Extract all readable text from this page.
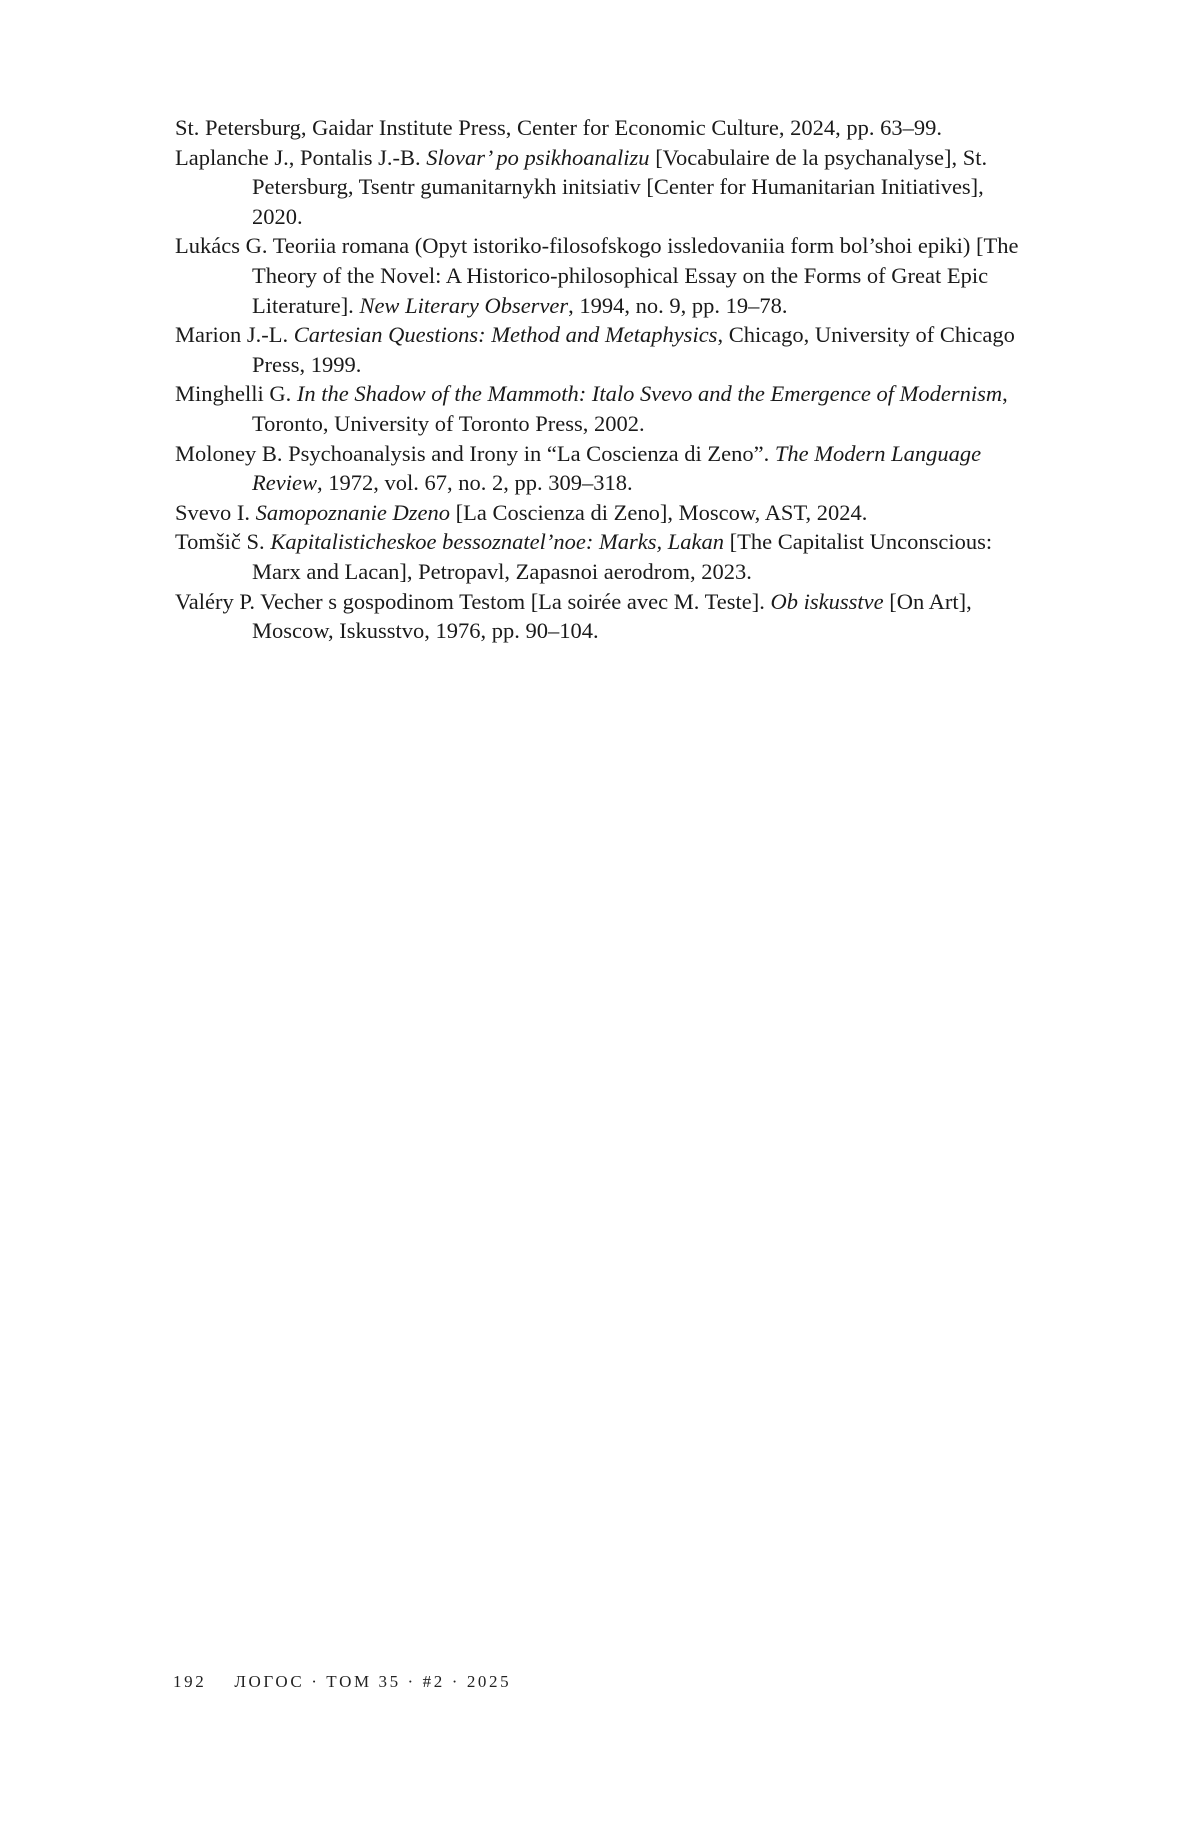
St. Petersburg, Gaidar Institute Press, Center for Economic Culture, 2024, pp. 63–99.
Laplanche J., Pontalis J.-B. Slovar’ po psikhoanalizu [Vocabulaire de la psychanalyse], St. Petersburg, Tsentr gumanitarnykh initsiativ [Center for Humanitarian Initiatives], 2020.
Lukács G. Teoriia romana (Opyt istoriko-filosofskogo issledovaniia form bol’shoi epiki) [The Theory of the Novel: A Historico-philosophical Essay on the Forms of Great Epic Literature]. New Literary Observer, 1994, no. 9, pp. 19–78.
Marion J.-L. Cartesian Questions: Method and Metaphysics, Chicago, University of Chicago Press, 1999.
Minghelli G. In the Shadow of the Mammoth: Italo Svevo and the Emergence of Modernism, Toronto, University of Toronto Press, 2002.
Moloney B. Psychoanalysis and Irony in “La Coscienza di Zeno”. The Modern Language Review, 1972, vol. 67, no. 2, pp. 309–318.
Svevo I. Samopoznanie Dzeno [La Coscienza di Zeno], Moscow, AST, 2024.
Tomšič S. Kapitalisticheskoe bessoznatel’noe: Marks, Lakan [The Capitalist Unconscious: Marx and Lacan], Petropavl, Zapasnoi aerodrom, 2023.
Valéry P. Vecher s gospodinom Testom [La soirée avec M. Teste]. Ob iskusstve [On Art], Moscow, Iskusstvo, 1976, pp. 90–104.
192 ЛОГОС · ТОМ 35 · #2 · 2025
